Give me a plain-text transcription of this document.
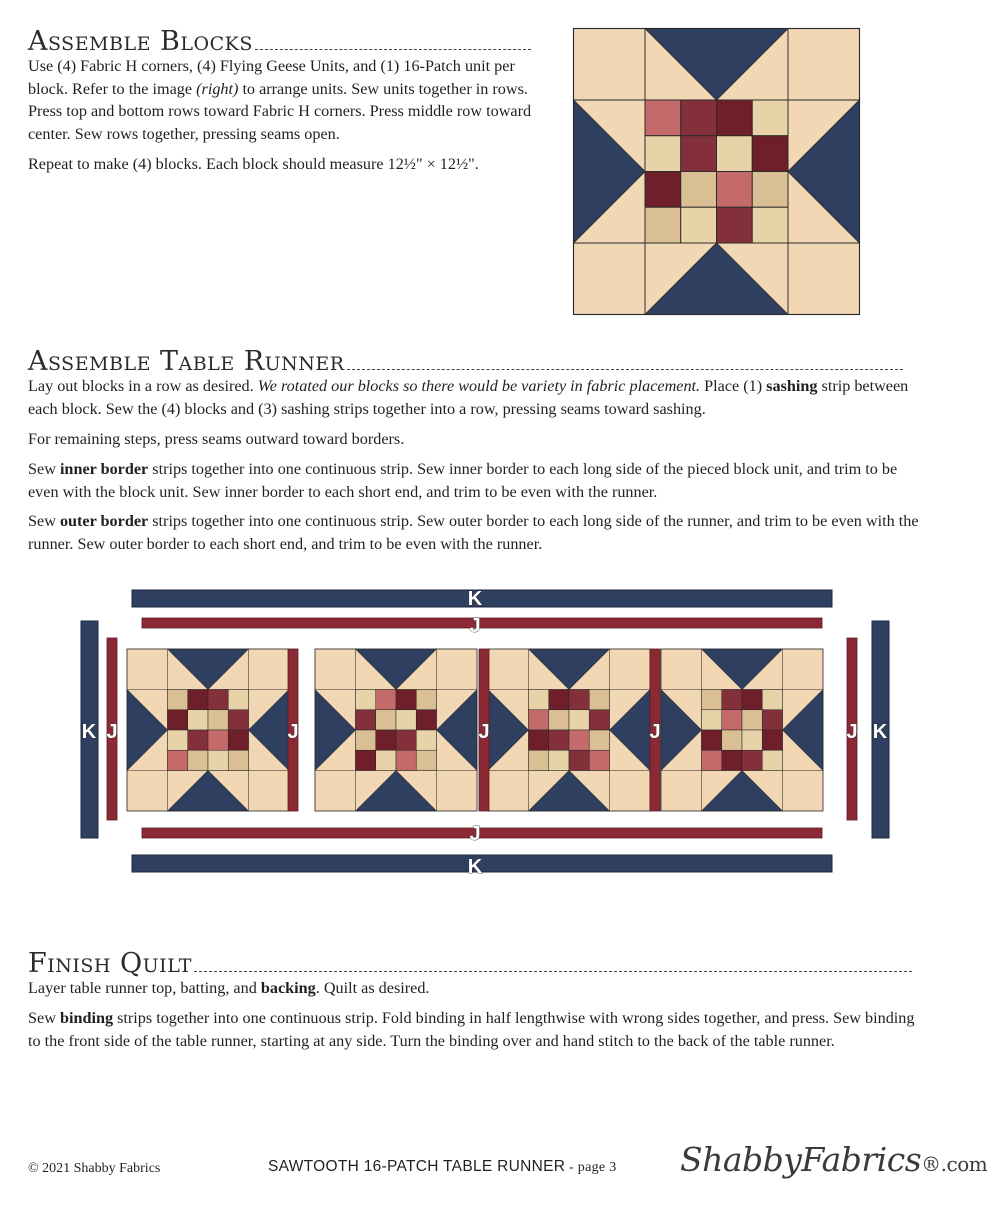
Assemble Blocks

Use (4) Fabric H corners, (4) Flying Geese Units, and (1) 16-Patch unit per block. Refer to the image (right) to arrange units. Sew units together in rows. Press top and bottom rows toward Fabric H corners. Press middle row toward center. Sew rows together, pressing seams open.

Repeat to make (4) blocks. Each block should measure 12½" × 12½".

Assemble Table Runner

Lay out blocks in a row as desired. We rotated our blocks so there would be variety in fabric placement. Place (1) sashing strip between each block. Sew the (4) blocks and (3) sashing strips together into a row, pressing seams toward sashing.

For remaining steps, press seams outward toward borders.

Sew inner border strips together into one continuous strip. Sew inner border to each long side of the pieced block unit, and trim to be even with the block unit. Sew inner border to each short end, and trim to be even with the runner.

Sew outer border strips together into one continuous strip. Sew outer border to each long side of the runner, and trim to be even with the runner. Sew outer border to each short end, and trim to be even with the runner.

K
J
J
K
K J	J	J	J	J K
Finish Quilt

Layer table runner top, batting, and backing. Quilt as desired.

Sew binding strips together into one continuous strip. Fold binding in half lengthwise with wrong sides together, and press. Sew binding to the front side of the table runner, starting at any side. Turn the binding over and hand stitch to the back of the table runner.

© 2021 Shabby Fabrics	SAWTOOTH 16-PATCH TABLE RUNNER - page 3 ShabbyFabrics®.com
